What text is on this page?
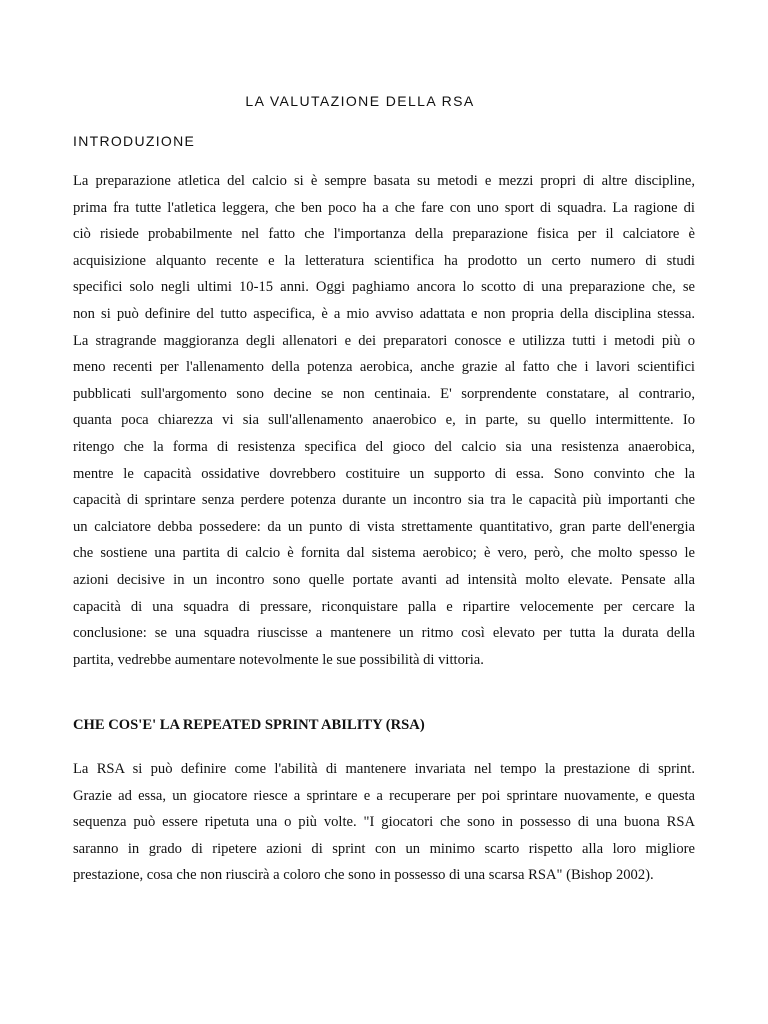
LA VALUTAZIONE DELLA RSA
INTRODUZIONE
La preparazione atletica del calcio si è sempre basata su metodi e mezzi propri di altre discipline,
prima fra tutte l'atletica leggera, che ben poco ha a che fare con uno sport di squadra. La ragione di
ciò risiede probabilmente nel fatto che l'importanza della preparazione fisica per il calciatore è
acquisizione alquanto recente e la letteratura scientifica ha prodotto un certo numero di studi
specifici solo negli ultimi 10-15 anni. Oggi paghiamo ancora lo scotto di una preparazione che, se
non si può definire del tutto aspecifica, è a mio avviso adattata e non propria della disciplina stessa.
La stragrande maggioranza degli allenatori e dei preparatori conosce e utilizza tutti i metodi più o
meno recenti per l'allenamento della potenza aerobica, anche grazie al fatto che i lavori scientifici
pubblicati sull'argomento sono decine se non centinaia. E' sorprendente constatare, al contrario,
quanta poca chiarezza vi sia sull'allenamento anaerobico e, in parte, su quello intermittente. Io
ritengo che la forma di resistenza specifica del gioco del calcio sia una resistenza anaerobica,
mentre le capacità ossidative dovrebbero costituire un supporto di essa. Sono convinto che la
capacità di sprintare senza perdere potenza durante un incontro sia tra le capacità più importanti che
un calciatore debba possedere: da un punto di vista strettamente quantitativo, gran parte dell'energia
che sostiene una partita di calcio è fornita dal sistema aerobico; è vero, però, che molto spesso le
azioni decisive in un incontro sono quelle portate avanti ad intensità molto elevate. Pensate alla
capacità di una squadra di pressare, riconquistare palla e ripartire velocemente per cercare la
conclusione: se una squadra riuscisse a mantenere un ritmo così elevato per tutta la durata della
partita, vedrebbe aumentare notevolmente le sue possibilità di vittoria.
CHE COS'E' LA REPEATED SPRINT ABILITY (RSA)
La RSA si può definire come l'abilità di mantenere invariata nel tempo la prestazione di sprint.
Grazie ad essa, un giocatore riesce a sprintare e a recuperare per poi sprintare nuovamente, e questa
sequenza può essere ripetuta una o più volte. "I giocatori che sono in possesso di una buona RSA
saranno in grado di ripetere azioni di sprint con un minimo scarto rispetto alla loro migliore
prestazione, cosa che non riuscirà a coloro che sono in possesso di una scarsa RSA" (Bishop 2002).
